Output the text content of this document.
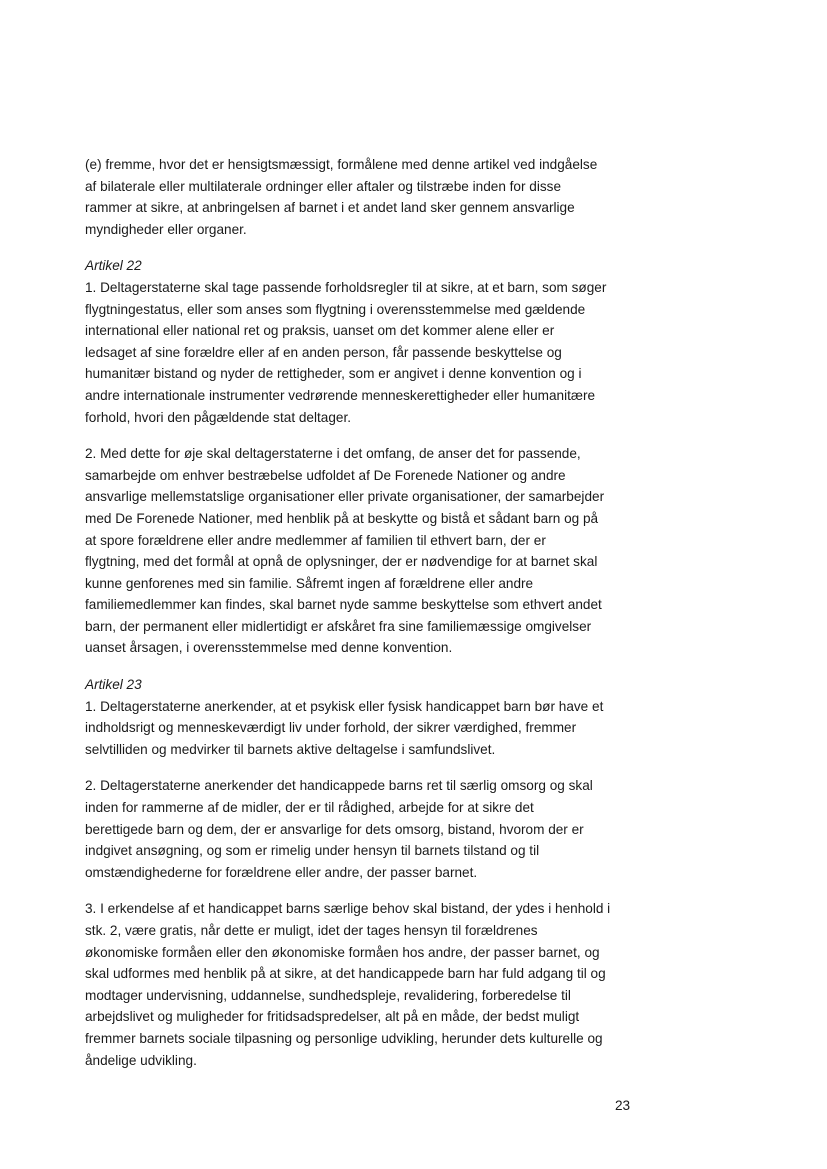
(e) fremme, hvor det er hensigtsmæssigt, formålene med denne artikel ved indgåelse
af bilaterale eller multilaterale ordninger eller aftaler og tilstræbe inden for disse
rammer at sikre, at anbringelsen af barnet i et andet land sker gennem ansvarlige
myndigheder eller organer.

Artikel 22

1. Deltagerstaterne skal tage passende forholdsregler til at sikre, at et barn, som søger
flygtningestatus, eller som anses som flygtning i overensstemmelse med gældende
international eller national ret og praksis, uanset om det kommer alene eller er
ledsaget af sine forældre eller af en anden person, får passende beskyttelse og
humanitær bistand og nyder de rettigheder, som er angivet i denne konvention og i
andre internationale instrumenter vedrørende menneskerettigheder eller humanitære
forhold, hvori den pågældende stat deltager.

2. Med dette for øje skal deltagerstaterne i det omfang, de anser det for passende,
samarbejde om enhver bestræbelse udfoldet af De Forenede Nationer og andre
ansvarlige mellemstatslige organisationer eller private organisationer, der samarbejder
med De Forenede Nationer, med henblik på at beskytte og bistå et sådant barn og på
at spore forældrene eller andre medlemmer af familien til ethvert barn, der er
flygtning, med det formål at opnå de oplysninger, der er nødvendige for at barnet skal
kunne genforenes med sin familie. Såfremt ingen af forældrene eller andre
familiemedlemmer kan findes, skal barnet nyde samme beskyttelse som ethvert andet
barn, der permanent eller midlertidigt er afskåret fra sine familiemæssige omgivelser
uanset årsagen, i overensstemmelse med denne konvention.

Artikel 23

1. Deltagerstaterne anerkender, at et psykisk eller fysisk handicappet barn bør have et
indholdsrigt og menneskeværdigt liv under forhold, der sikrer værdighed, fremmer
selvtilliden og medvirker til barnets aktive deltagelse i samfundslivet.

2. Deltagerstaterne anerkender det handicappede barns ret til særlig omsorg og skal
inden for rammerne af de midler, der er til rådighed, arbejde for at sikre det
berettigede barn og dem, der er ansvarlige for dets omsorg, bistand, hvorom der er
indgivet ansøgning, og som er rimelig under hensyn til barnets tilstand og til
omstændighederne for forældrene eller andre, der passer barnet.

3. I erkendelse af et handicappet barns særlige behov skal bistand, der ydes i henhold i
stk. 2, være gratis, når dette er muligt, idet der tages hensyn til forældrenes
økonomiske formåen eller den økonomiske formåen hos andre, der passer barnet, og
skal udformes med henblik på at sikre, at det handicappede barn har fuld adgang til og
modtager undervisning, uddannelse, sundhedspleje, revalidering, forberedelse til
arbejdslivet og muligheder for fritidsadspredelser, alt på en måde, der bedst muligt
fremmer barnets sociale tilpasning og personlige udvikling, herunder dets kulturelle og
åndelige udvikling.

23
